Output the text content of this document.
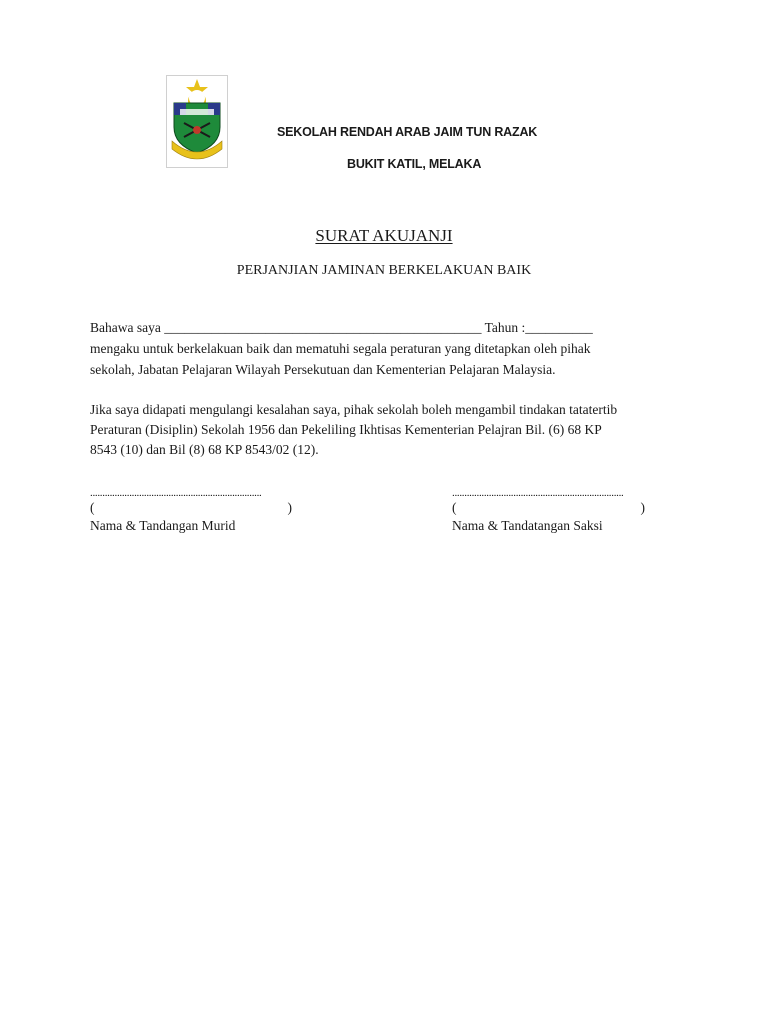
SEKOLAH RENDAH ARAB JAIM TUN RAZAK
BUKIT KATIL, MELAKA
SURAT AKUJANJI
PERJANJIAN JAMINAN BERKELAKUAN BAIK
Bahawa saya _______________________________________________ Tahun :__________
mengaku untuk berkelakuan baik dan mematuhi segala peraturan yang ditetapkan oleh pihak
sekolah, Jabatan Pelajaran Wilayah Persekutuan dan Kementerian Pelajaran Malaysia.
Jika saya didapati mengulangi kesalahan saya, pihak sekolah boleh mengambil tindakan tatatertib
Peraturan (Disiplin) Sekolah 1956 dan Pekeliling Ikhtisas Kementerian Pelajran Bil. (6) 68 KP
8543 (10) dan Bil (8) 68 KP 8543/02 (12).
......................................................................
(	)
Nama & Tandangan Murid
......................................................................
(	)
Nama & Tandatangan Saksi
